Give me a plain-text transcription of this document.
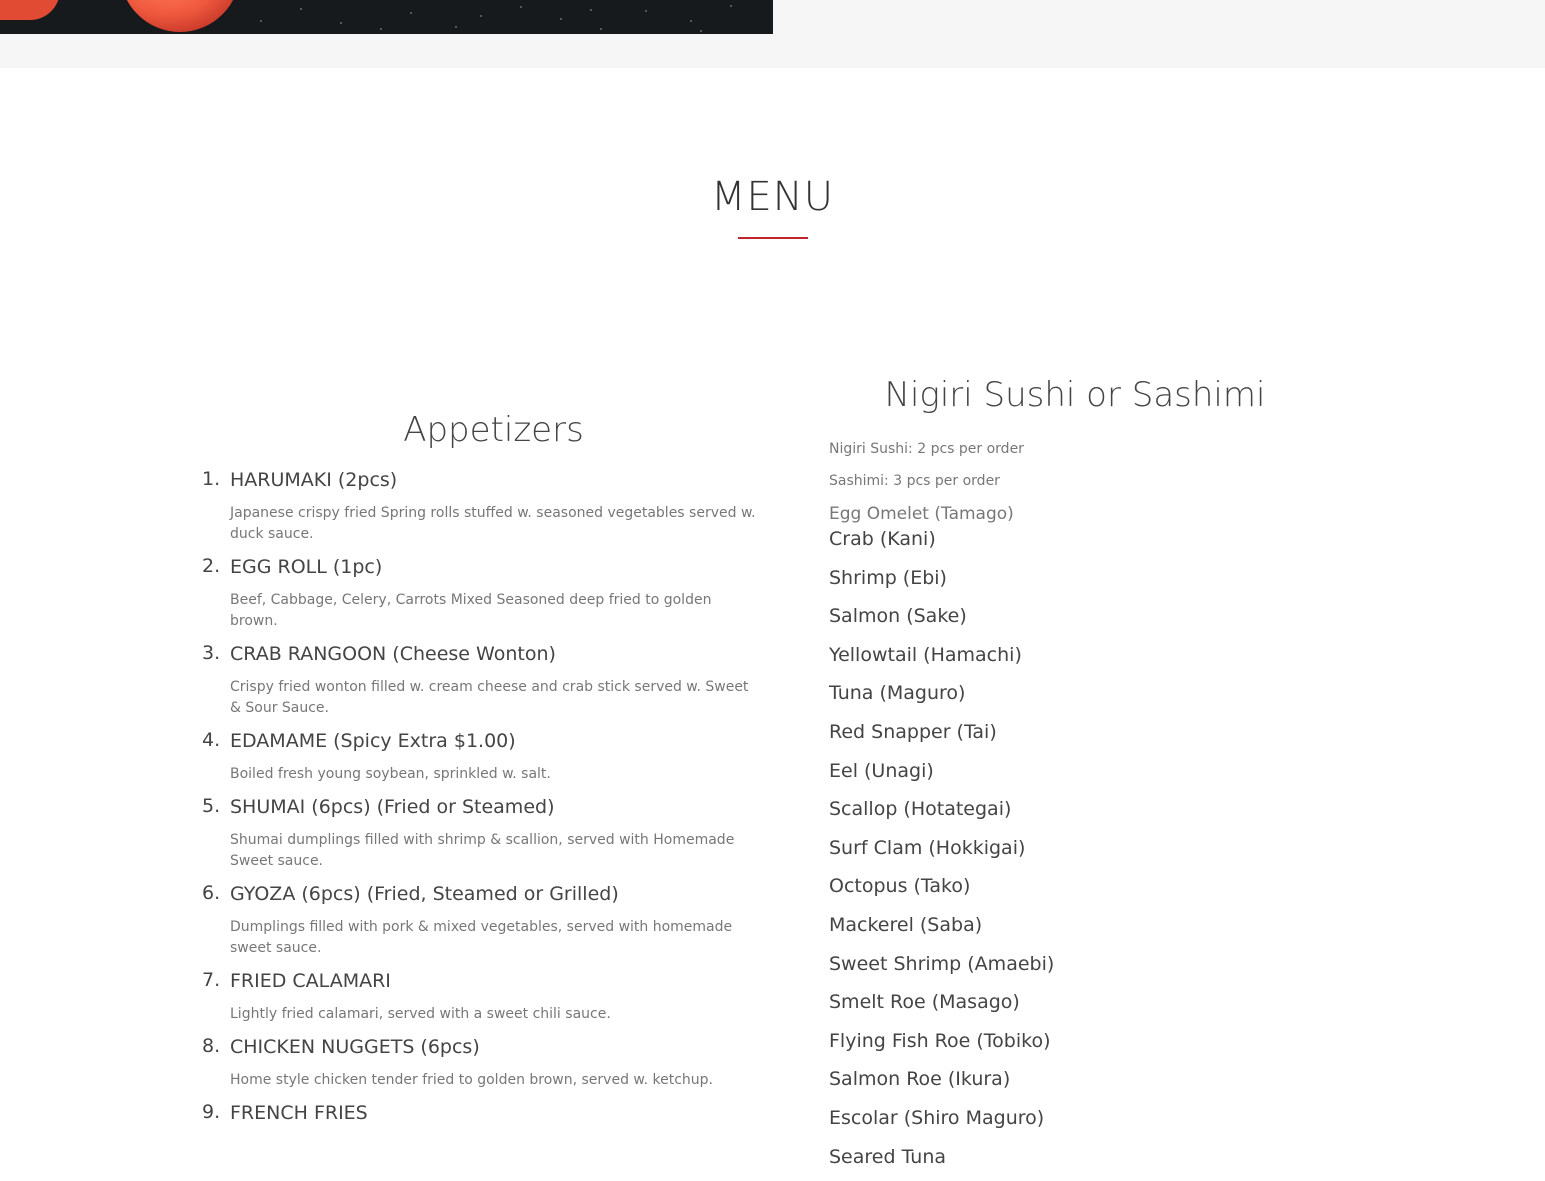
MENU
Appetizers
1. HARUMAKI (2pcs)
Japanese crispy fried Spring rolls stuffed w. seasoned vegetables served w. duck sauce.
2. EGG ROLL (1pc)
Beef, Cabbage, Celery, Carrots Mixed Seasoned deep fried to golden brown.
3. CRAB RANGOON (Cheese Wonton)
Crispy fried wonton filled w. cream cheese and crab stick served w. Sweet & Sour Sauce.
4. EDAMAME (Spicy Extra $1.00)
Boiled fresh young soybean, sprinkled w. salt.
5. SHUMAI (6pcs) (Fried or Steamed)
Shumai dumplings filled with shrimp & scallion, served with Homemade Sweet sauce.
6. GYOZA (6pcs) (Fried, Steamed or Grilled)
Dumplings filled with pork & mixed vegetables, served with homemade sweet sauce.
7. FRIED CALAMARI
Lightly fried calamari, served with a sweet chili sauce.
8. CHICKEN NUGGETS (6pcs)
Home style chicken tender fried to golden brown, served w. ketchup.
9. FRENCH FRIES
Nigiri Sushi or Sashimi
Nigiri Sushi: 2 pcs per order
Sashimi: 3 pcs per order
Egg Omelet (Tamago)
Crab (Kani)
Shrimp (Ebi)
Salmon (Sake)
Yellowtail (Hamachi)
Tuna (Maguro)
Red Snapper (Tai)
Eel (Unagi)
Scallop (Hotategai)
Surf Clam (Hokkigai)
Octopus (Tako)
Mackerel (Saba)
Sweet Shrimp (Amaebi)
Smelt Roe (Masago)
Flying Fish Roe (Tobiko)
Salmon Roe (Ikura)
Escolar (Shiro Maguro)
Seared Tuna
